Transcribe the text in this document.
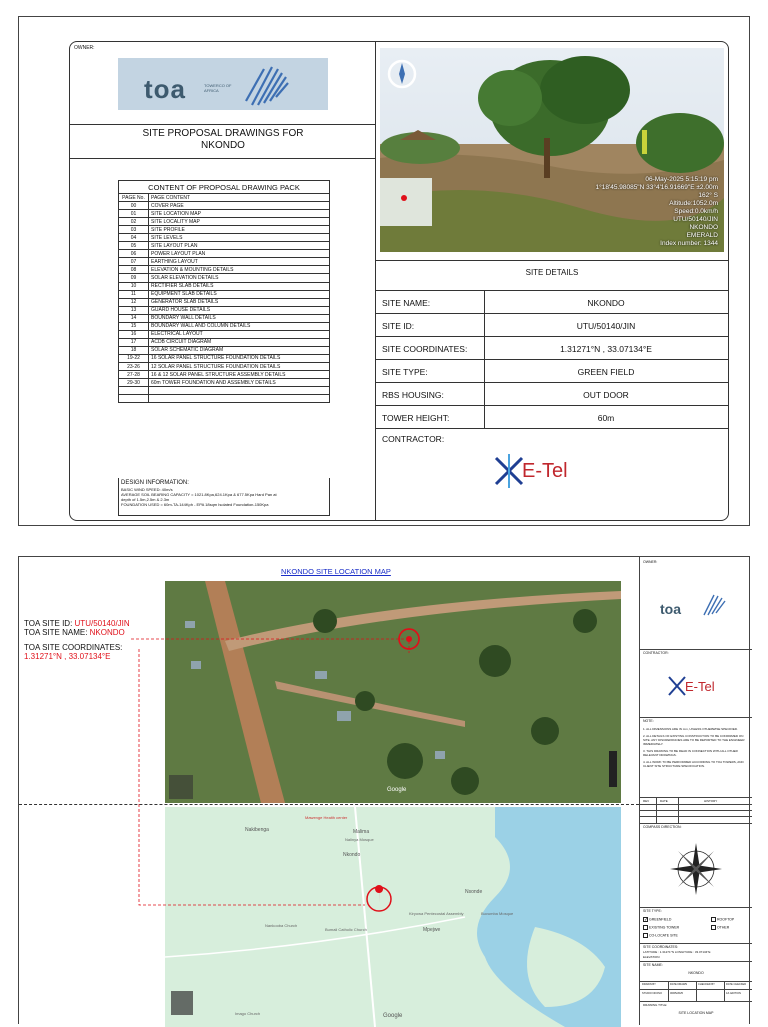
OWNER:
toa	TOWERCO OF AFRICA
SITE PROPOSAL DRAWINGS FOR
NKONDO
CONTENT OF PROPOSAL DRAWING PACK	
PAGE No.	PAGE CONTENT
00	COVER PAGE
01	SITE LOCATION MAP
02	SITE LOCALITY MAP
03	SITE PROFILE
04	SITE LEVELS
05	SITE LAYOUT PLAN
06	POWER LAYOUT PLAN
07	EARTHING LAYOUT
08	ELEVATION & MOUNTING DETAILS
09	SOLAR ELEVATION DETAILS
10	RECTIFIER SLAB DETAILS
11	EQUIPMENT SLAB DETAILS
12	GENERATOR SLAB DETAILS
13	GUARD HOUSE DETAILS
14	BOUNDARY WALL DETAILS
15	BOUNDARY WALL AND COLUMN DETAILS
16	ELECTRICAL LAYOUT
17	ACDB CIRCUIT DIAGRAM
18	SOLAR SCHEMATIC DIAGRAM
19-22	16 SOLAR PANEL STRUCTURE FOUNDATION DETAILS
23-26	12 SOLAR PANEL STRUCTURE FOUNDATION DETAILS
27-28	16 & 12 SOLAR PANEL STRUCTURE ASSEMBLY DETAILS
29-30	60m TOWER FOUNDATION AND ASSEMBLY DETAILS

DESIGN INFORMATION:
BASIC WIND SPEED: 40m/s
AVERAGE SOIL BEARING CAPACITY = 1021.8Kpa,624.1Kpa & 677.5Kpa Hard Pan at
depth of 1.5m,2.5m & 2.3m
FOUNDATION USED = 60m-TA-144Kph - EPA 18sqm Isolated Foundation-150Kpa
06-May-2025 5:15:19 pm
1°18'45.98085"N 33°4'16.91669"E ±2.00m
162° S
Altitude:1052.0m
Speed:0.0km/h
UTU/50140/JIN
NKONDO
EMERALD
Index number: 1344
SITE DETAILS
SITE NAME:	NKONDO
SITE ID:	UTU/50140/JIN
SITE COORDINATES:	1.31271°N , 33.07134°E
SITE TYPE:	GREEN FIELD
RBS HOUSING:	OUT DOOR
TOWER HEIGHT:	60m
CONTRACTOR:
E-Tel
NKONDO SITE LOCATION MAP
Google
TOA SITE ID: UTU/50140/JIN
TOA SITE NAME: NKONDO
TOA SITE COORDINATES:
1.31271°N , 33.07134°E
Nakibenga	Malima
Nkondo
Nsonde
Mpejwe
Kiryowa Pentecostal Assembly	Buvumba Mosque
Nankooba Church
Bumali Catholic Church
Imago Church
Nalinya Mosque
Mawenge Health center
Google
OWNER:
toa
CONTRACTOR:
E-Tel
NOTE:
1. ALL DIMENSIONS ARE IN mm, UNLESS OTHERWISE SPECIFIED.
2. ALL DETAILS OF EXISTING CONSTRUCTION TO BE CONFIRMED ON SITE. ANY DISCREPANCIES ARE TO BE REPORTED TO THE ENGINEER IMMEDIATELY.
3. THIS DRAWING TO BE READ IN CONNECTION WITH ALL OTHER RELEVANT DRAWINGS.
4. ALL WORK TO BE PERFORMED ACCORDING TO TOA TOWERS, AND CLIENT SITE STRUCTURE SPECIFICATION.
REV	DATE	HISTORY
COMPASS DIRECTION:
SITE TYPE:
✓ GREENFIELD	ROOFTOP
EXISTING TOWER	OTHER
CO-LOCATE SITE
SITE COORDINATES:
LATITUDE : 1.31271°N LONGITUDE : 33.07134°E
ELEVATION:
SITE NAME:
NKONDO
DRAWN BY	DATE DRAWN	CHECKED BY	DATE CHECKED
STUDIO NKONO	06/05/2025	1/1 EDITION
DRAWING TITLE:
SITE LOCATION MAP
